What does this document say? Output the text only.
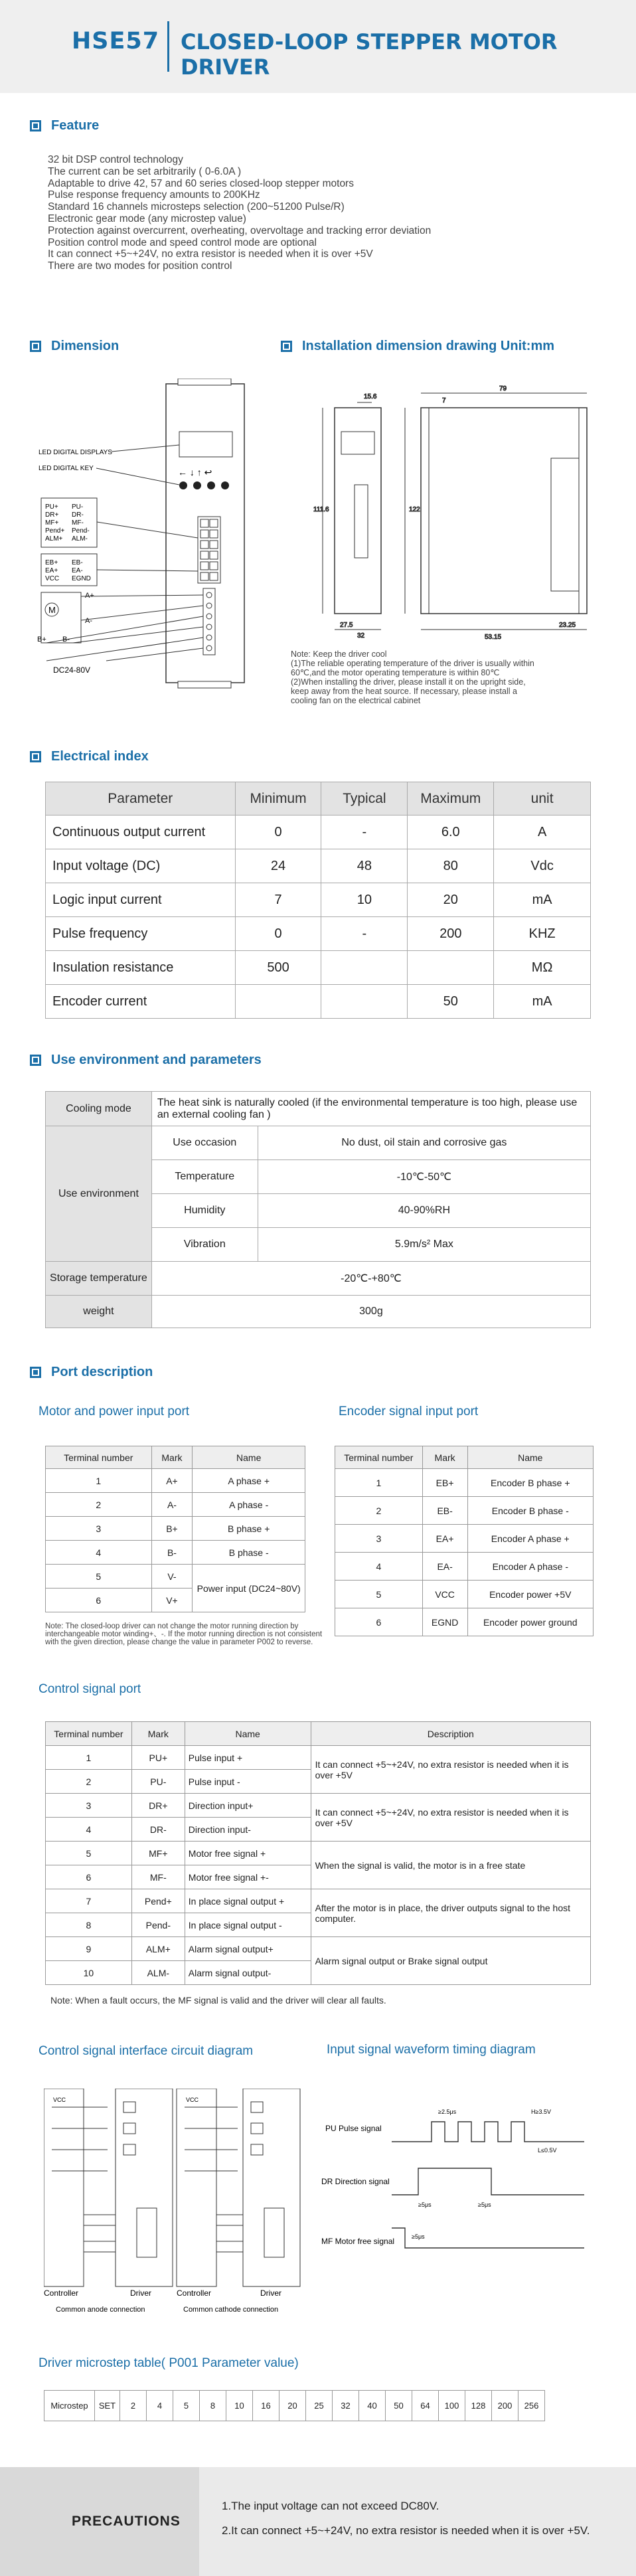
HSE57 CLOSED-LOOP STEPPER MOTOR DRIVER
Feature
32 bit DSP control technology
The current can be set arbitrarily ( 0-6.0A )
Adaptable to drive 42, 57 and 60 series closed-loop stepper motors
Pulse response frequency amounts to 200KHz
Standard 16 channels microsteps selection (200~51200 Pulse/R)
Electronic gear mode (any microstep value)
Protection against overcurrent, overheating, overvoltage and tracking error deviation
Position control mode and speed control mode are optional
It can connect +5~+24V, no extra resistor is needed when it is over +5V
There are two modes for position control
Dimension
← ↓ ↑ ↩
LED DIGITAL DISPLAYS
LED DIGITAL KEY
PU+
DR+
MF+
Pend+
ALM+
PU-
DR-
MF-
Pend-
ALM-
EB+
EA+
VCC
EB-
EA-
EGND
M
A+
A-
B+ B-
DC24-80V
Installation dimension drawing Unit:mm
79
15.6
111.6	122
27.5
32	53.15
23.25
7
Note: Keep the driver cool
(1)The reliable operating temperature of the driver is usually within
60℃,and the motor operating temperature is within 80℃
(2)When installing the driver, please install it on the upright side,
keep away from the heat source. If necessary, please install a
cooling fan on the electrical cabinet
Electrical index
Parameter	Minimum	Typical	Maximum	unit
Continuous output current	0	-	6.0	A
Input voltage (DC)	24	48	80	Vdc
Logic input current	7	10	20	mA
Pulse frequency	0	-	200	KHZ
Insulation resistance	500			MΩ
Encoder current			50	mA
Use environment and parameters
Cooling mode	The heat sink is naturally cooled (if the environmental temperature is too high, please use an external cooling fan )	
Use environment	Use occasion	No dust, oil stain and corrosive gas
	Temperature	-10℃-50℃
	Humidity	40-90%RH
	Vibration	5.9m/s² Max
Storage temperature	-20℃-+80℃	
weight	300g	
Port description
Motor and power input port	Encoder signal input port
Terminal number	Mark	Name
1	A+	A phase +
2	A-	A phase -
3	B+	B phase +
4	B-	B phase -
5	V-	Power input (DC24~80V)
6	V+	
Note: The closed-loop driver can not change the motor running direction by interchangeable motor winding+、-. If the motor running direction is not consistent with the given direction, please change the value in parameter P002 to reverse.
Terminal number	Mark	Name
1	EB+	Encoder B phase +
2	EB-	Encoder B phase -
3	EA+	Encoder A phase +
4	EA-	Encoder A phase -
5	VCC	Encoder power +5V
6	EGND	Encoder power ground
Control signal port
Terminal number	Mark	Name	Description
1	PU+	Pulse input +	It can connect +5~+24V, no extra resistor is needed when it is over +5V
2	PU-	Pulse input -	
3	DR+	Direction input+	It can connect +5~+24V, no extra resistor is needed when it is over +5V
4	DR-	Direction input-	
5	MF+	Motor free signal +	When the signal is valid, the motor is in a free state
6	MF-	Motor free signal +-	
7	Pend+	In place signal output +	After the motor is in place, the driver outputs signal to the host computer.
8	Pend-	In place signal output -	
9	ALM+	Alarm signal output+	Alarm signal output or Brake signal output
10	ALM-	Alarm signal output-	
Note: When a fault occurs, the MF signal is valid and the driver will clear all faults.
Control signal interface circuit diagram	Input signal waveform timing diagram
VCC	VCC
Controller	Driver	Controller	Driver
Common anode connection	Common cathode connection
PU Pulse signal
DR Direction signal
MF Motor free signal
≥2.5μs	H≥3.5V
L≤0.5V
≥5μs	≥5μs
≥5μs
Driver microstep table( P001 Parameter value)
Microstep	SET	2	4	5	8	10	16	20	25	32	40	50	64	100	128	200	256
PRECAUTIONS
1.The input voltage can not exceed DC80V.
2.It can connect +5~+24V, no extra resistor is needed when it is over +5V.
